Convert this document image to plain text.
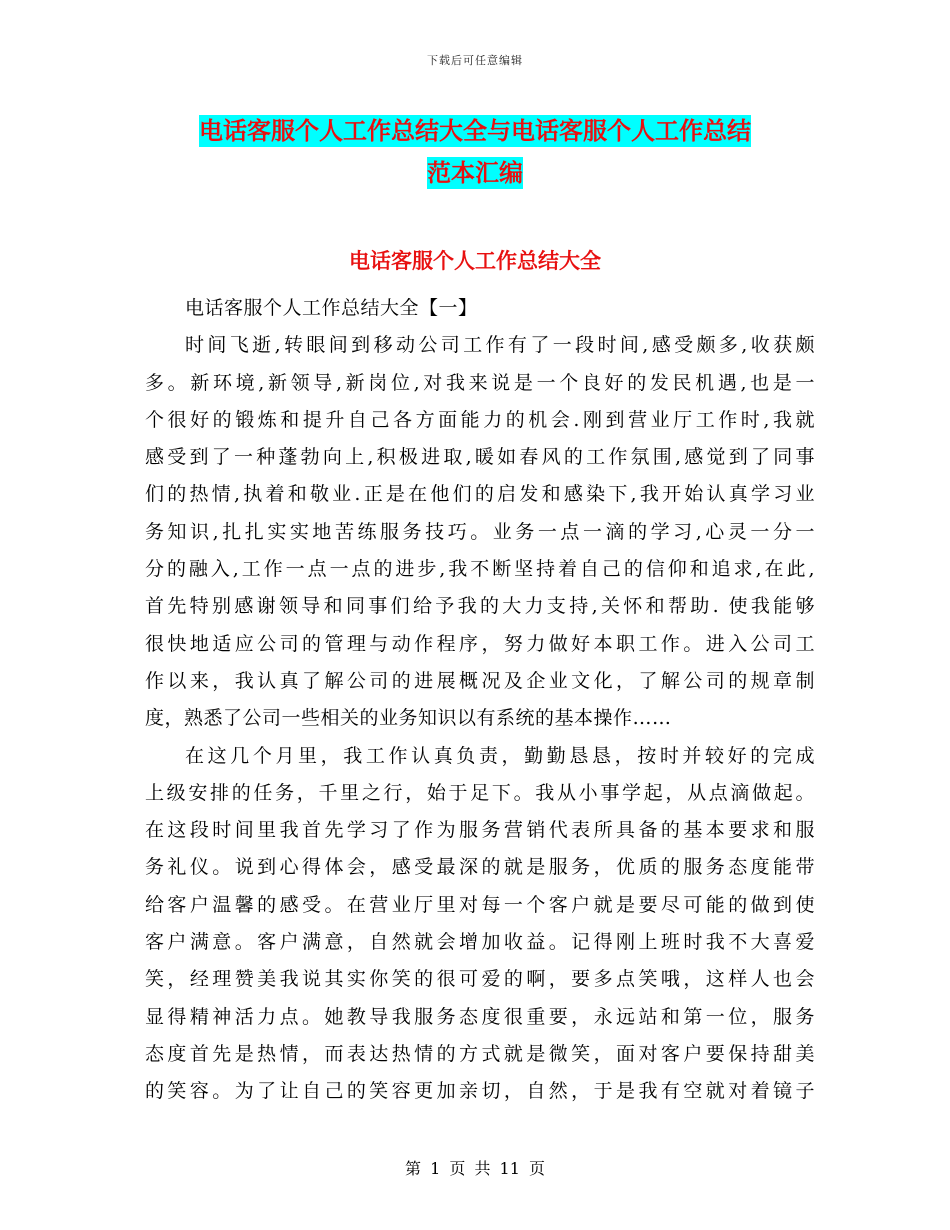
下载后可任意编辑
电话客服个人工作总结大全与电话客服个人工作总结
范本汇编
电话客服个人工作总结大全
电话客服个人工作总结大全【一】
时间飞逝,转眼间到移动公司工作有了一段时间,感受颇多,收获颇
多。新环境,新领导,新岗位,对我来说是一个良好的发民机遇,也是一
个很好的锻炼和提升自己各方面能力的机会.刚到营业厅工作时,我就
感受到了一种蓬勃向上,积极进取,暖如春风的工作氛围,感觉到了同事
们的热情,执着和敬业.正是在他们的启发和感染下,我开始认真学习业
务知识,扎扎实实地苦练服务技巧。业务一点一滴的学习,心灵一分一
分的融入,工作一点一点的进步,我不断坚持着自己的信仰和追求,在此,
首先特别感谢领导和同事们给予我的大力支持,关怀和帮助. 使我能够
很快地适应公司的管理与动作程序，努力做好本职工作。进入公司工
作以来，我认真了解公司的进展概况及企业文化，了解公司的规章制
度，熟悉了公司一些相关的业务知识以有系统的基本操作……
在这几个月里，我工作认真负责，勤勤恳恳，按时并较好的完成
上级安排的任务，千里之行，始于足下。我从小事学起，从点滴做起。
在这段时间里我首先学习了作为服务营销代表所具备的基本要求和服
务礼仪。说到心得体会，感受最深的就是服务，优质的服务态度能带
给客户温馨的感受。在营业厅里对每一个客户就是要尽可能的做到使
客户满意。客户满意，自然就会增加收益。记得刚上班时我不大喜爱
笑，经理赞美我说其实你笑的很可爱的啊，要多点笑哦，这样人也会
显得精神活力点。她教导我服务态度很重要，永远站和第一位，服务
态度首先是热情，而表达热情的方式就是微笑，面对客户要保持甜美
的笑容。为了让自己的笑容更加亲切，自然，于是我有空就对着镜子
第 1 页 共 11 页
